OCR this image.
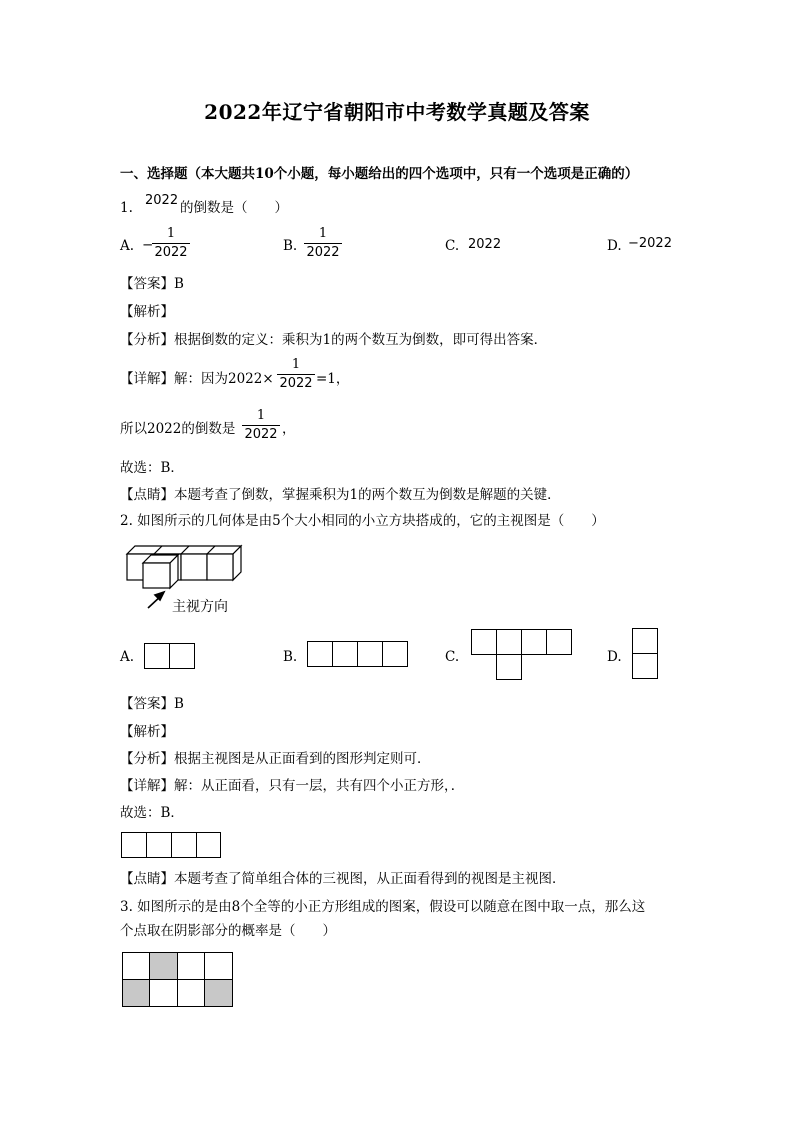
2022年辽宁省朝阳市中考数学真题及答案
一、选择题（本大题共10个小题，每小题给出的四个选项中，只有一个选项是正确的）
1. 2022 的倒数是（　　）
A. −
1
2022	B.
1
2022	C. 2022	D. −2022
【答案】B
【解析】
【分析】根据倒数的定义：乘积为1的两个数互为倒数，即可得出答案．
【详解】解：因为2022×
1
2022 =1，
所以2022的倒数是
1
2022 ，
故选：B．
【点睛】本题考查了倒数，掌握乘积为1的两个数互为倒数是解题的关键．
2. 如图所示的几何体是由5个大小相同的小立方块搭成的，它的主视图是（　　）
主视方向
A.	B.	C.	D.
【答案】B
【解析】
【分析】根据主视图是从正面看到的图形判定则可．
【详解】解：从正面看，只有一层，共有四个小正方形，．
故选：B．
【点睛】本题考查了简单组合体的三视图，从正面看得到的视图是主视图．
3. 如图所示的是由8个全等的小正方形组成的图案，假设可以随意在图中取一点，那么这
个点取在阴影部分的概率是（　　）
